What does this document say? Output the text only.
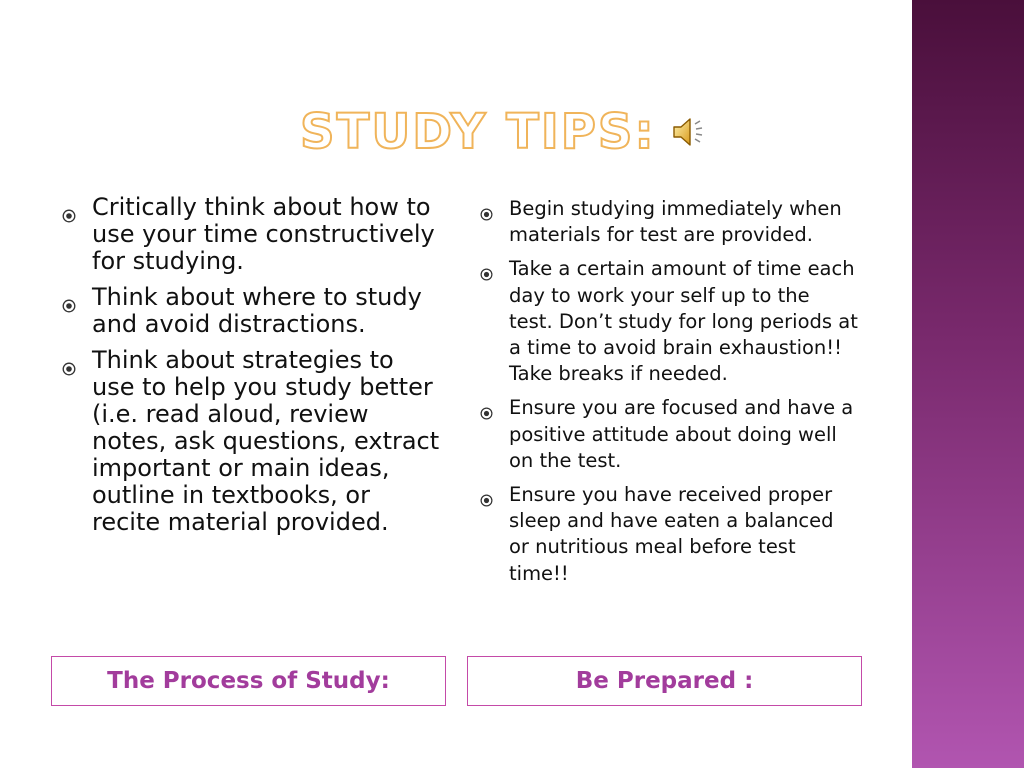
STUDY TIPS:
Critically think about how to use your time constructively for studying.
Think about where to study and avoid distractions.
Think about strategies to use to help you study better (i.e. read aloud, review notes, ask questions, extract important or main ideas, outline in textbooks, or recite material provided.
Begin studying immediately when materials for test are provided.
Take a certain amount of time each day to work your self up to the test. Don’t study for long periods at a time to avoid brain exhaustion!! Take breaks if needed.
Ensure you are focused and have a positive attitude about doing well on the test.
Ensure you have received proper sleep and have eaten a balanced or nutritious meal before test time!!
The Process of Study:	Be Prepared :
